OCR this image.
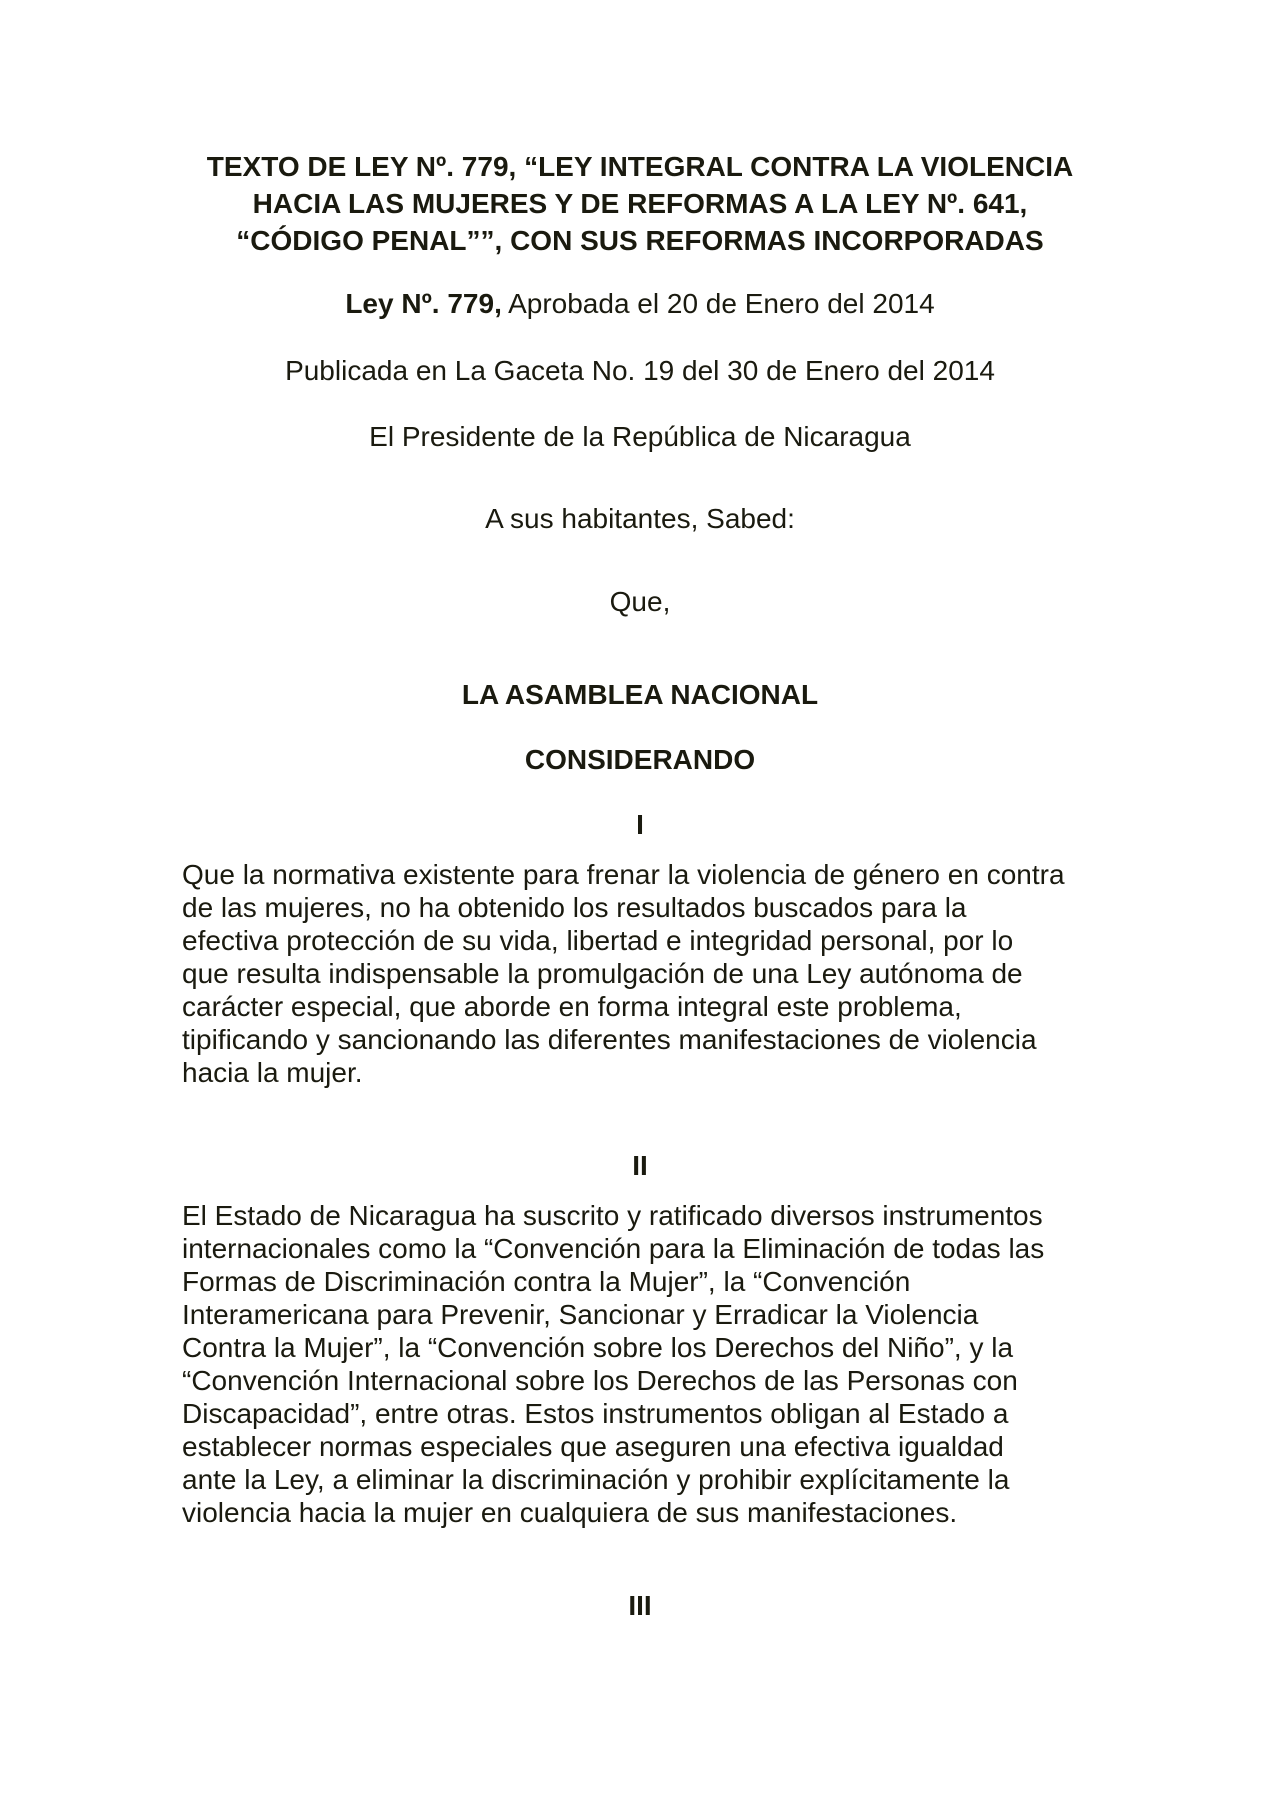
TEXTO DE LEY Nº. 779, “LEY INTEGRAL CONTRA LA VIOLENCIA
HACIA LAS MUJERES Y DE REFORMAS A LA LEY Nº. 641,
“CÓDIGO PENAL””, CON SUS REFORMAS INCORPORADAS

Ley Nº. 779, Aprobada el 20 de Enero del 2014

Publicada en La Gaceta No. 19 del 30 de Enero del 2014

El Presidente de la República de Nicaragua

A sus habitantes, Sabed:

Que,

LA ASAMBLEA NACIONAL

CONSIDERANDO

I

Que la normativa existente para frenar la violencia de género en contra
de las mujeres, no ha obtenido los resultados buscados para la
efectiva protección de su vida, libertad e integridad personal, por lo
que resulta indispensable la promulgación de una Ley autónoma de
carácter especial, que aborde en forma integral este problema,
tipificando y sancionando las diferentes manifestaciones de violencia
hacia la mujer.

II

El Estado de Nicaragua ha suscrito y ratificado diversos instrumentos
internacionales como la “Convención para la Eliminación de todas las
Formas de Discriminación contra la Mujer”, la “Convención
Interamericana para Prevenir, Sancionar y Erradicar la Violencia
Contra la Mujer”, la “Convención sobre los Derechos del Niño”, y la
“Convención Internacional sobre los Derechos de las Personas con
Discapacidad”, entre otras. Estos instrumentos obligan al Estado a
establecer normas especiales que aseguren una efectiva igualdad
ante la Ley, a eliminar la discriminación y prohibir explícitamente la
violencia hacia la mujer en cualquiera de sus manifestaciones.

III
